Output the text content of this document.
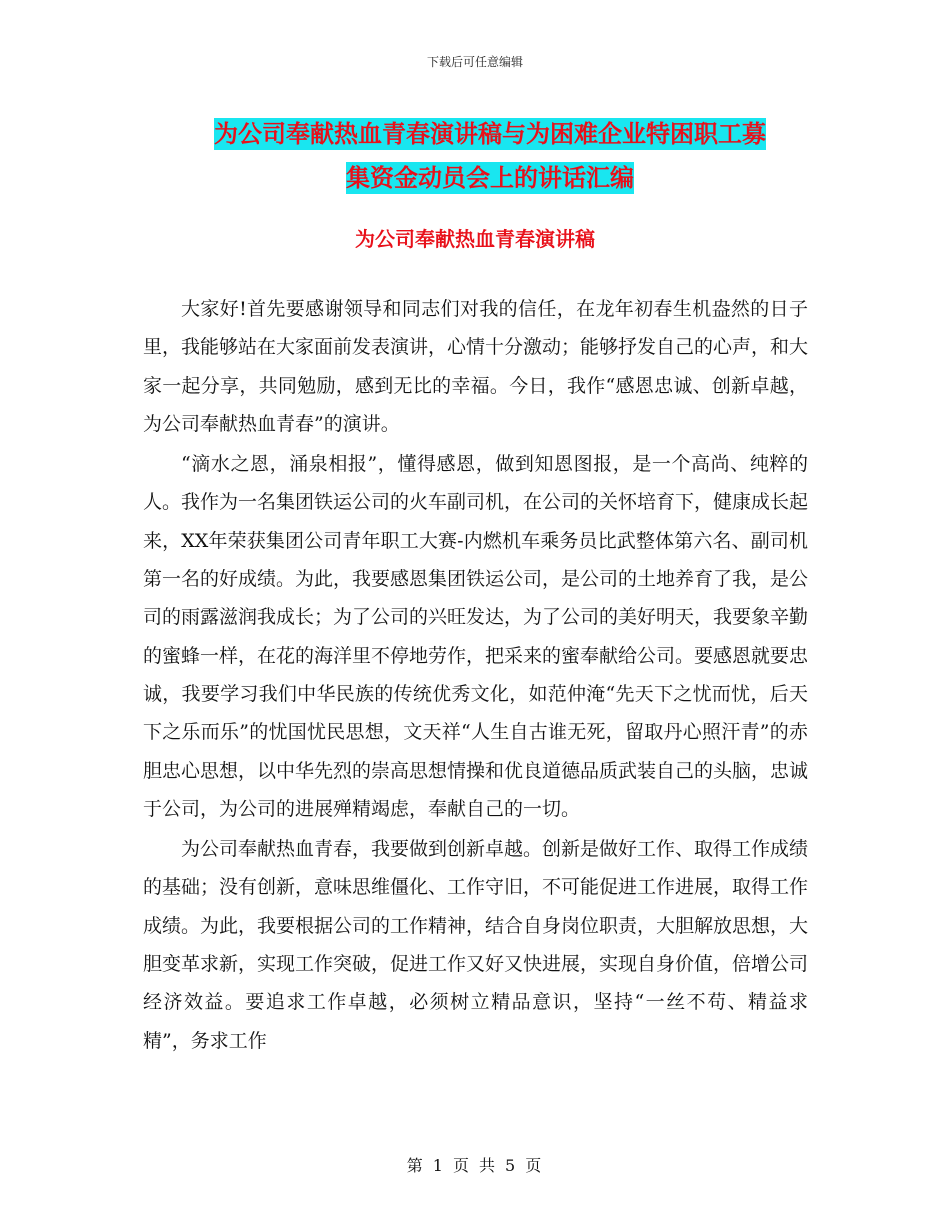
下载后可任意编辑
为公司奉献热血青春演讲稿与为困难企业特困职工募
集资金动员会上的讲话汇编
为公司奉献热血青春演讲稿

大家好!首先要感谢领导和同志们对我的信任，在龙年初春生机盎然的日子里，我能够站在大家面前发表演讲，心情十分激动；能够抒发自己的心声，和大家一起分享，共同勉励，感到无比的幸福。今日，我作“感恩忠诚、创新卓越，为公司奉献热血青春”的演讲。

“滴水之恩，涌泉相报”，懂得感恩，做到知恩图报，是一个高尚、纯粹的人。我作为一名集团铁运公司的火车副司机，在公司的关怀培育下，健康成长起来，XX年荣获集团公司青年职工大赛-内燃机车乘务员比武整体第六名、副司机第一名的好成绩。为此，我要感恩集团铁运公司，是公司的土地养育了我，是公司的雨露滋润我成长；为了公司的兴旺发达，为了公司的美好明天，我要象辛勤的蜜蜂一样，在花的海洋里不停地劳作，把采来的蜜奉献给公司。要感恩就要忠诚，我要学习我们中华民族的传统优秀文化，如范仲淹“先天下之忧而忧，后天下之乐而乐”的忧国忧民思想，文天祥“人生自古谁无死，留取丹心照汗青”的赤胆忠心思想，以中华先烈的崇高思想情操和优良道德品质武装自己的头脑，忠诚于公司，为公司的进展殚精竭虑，奉献自己的一切。

为公司奉献热血青春，我要做到创新卓越。创新是做好工作、取得工作成绩的基础；没有创新，意味思维僵化、工作守旧，不可能促进工作进展，取得工作成绩。为此，我要根据公司的工作精神，结合自身岗位职责，大胆解放思想，大胆变革求新，实现工作突破，促进工作又好又快进展，实现自身价值，倍增公司经济效益。要追求工作卓越，必须树立精品意识，坚持“一丝不苟、精益求精”，务求工作

第 1 页 共 5 页
